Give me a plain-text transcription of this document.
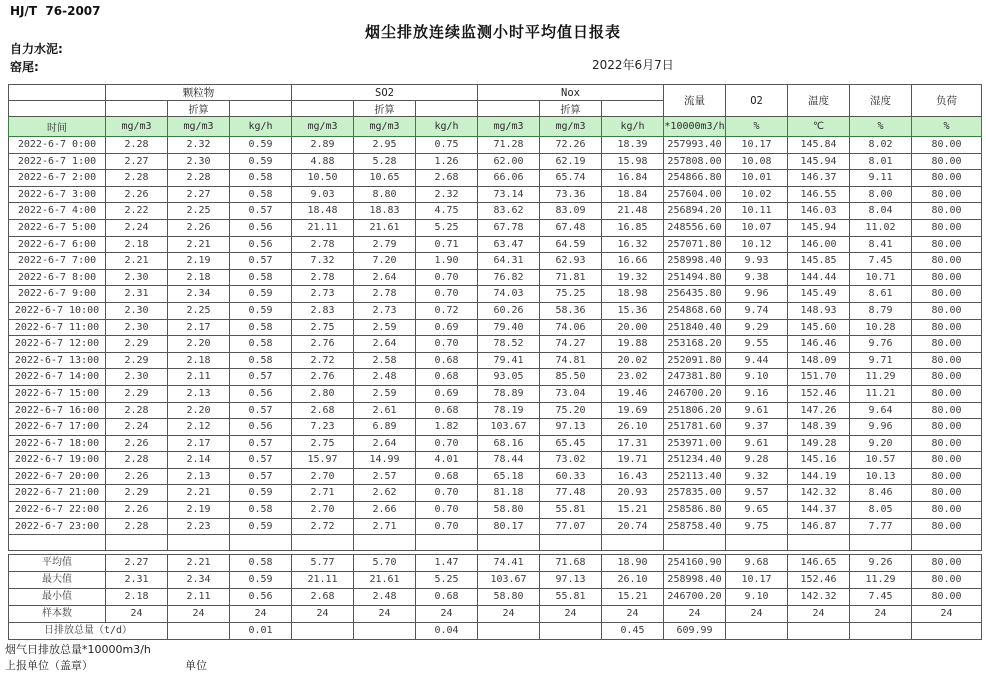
HJ/T  76-2007
烟尘排放连续监测小时平均值日报表
自力水泥:
窑尾:	2022年6月7日
	颗粒物			SO2			Nox			流量	O2	温度	湿度	负荷
		折算			折算			折算						
时间	mg/m3	mg/m3	kg/h	mg/m3	mg/m3	kg/h	mg/m3	mg/m3	kg/h	*10000m3/h	%	℃	%	%
2022-6-7 0:00	2.28	2.32	0.59	2.89	2.95	0.75	71.28	72.26	18.39	257993.40	10.17	145.84	8.02	80.00
2022-6-7 1:00	2.27	2.30	0.59	4.88	5.28	1.26	62.00	62.19	15.98	257808.00	10.08	145.94	8.01	80.00
2022-6-7 2:00	2.28	2.28	0.58	10.50	10.65	2.68	66.06	65.74	16.84	254866.80	10.01	146.37	9.11	80.00
2022-6-7 3:00	2.26	2.27	0.58	9.03	8.80	2.32	73.14	73.36	18.84	257604.00	10.02	146.55	8.00	80.00
2022-6-7 4:00	2.22	2.25	0.57	18.48	18.83	4.75	83.62	83.09	21.48	256894.20	10.11	146.03	8.04	80.00
2022-6-7 5:00	2.24	2.26	0.56	21.11	21.61	5.25	67.78	67.48	16.85	248556.60	10.07	145.94	11.02	80.00
2022-6-7 6:00	2.18	2.21	0.56	2.78	2.79	0.71	63.47	64.59	16.32	257071.80	10.12	146.00	8.41	80.00
2022-6-7 7:00	2.21	2.19	0.57	7.32	7.20	1.90	64.31	62.93	16.66	258998.40	9.93	145.85	7.45	80.00
2022-6-7 8:00	2.30	2.18	0.58	2.78	2.64	0.70	76.82	71.81	19.32	251494.80	9.38	144.44	10.71	80.00
2022-6-7 9:00	2.31	2.34	0.59	2.73	2.78	0.70	74.03	75.25	18.98	256435.80	9.96	145.49	8.61	80.00
2022-6-7 10:00	2.30	2.25	0.59	2.83	2.73	0.72	60.26	58.36	15.36	254868.60	9.74	148.93	8.79	80.00
2022-6-7 11:00	2.30	2.17	0.58	2.75	2.59	0.69	79.40	74.06	20.00	251840.40	9.29	145.60	10.28	80.00
2022-6-7 12:00	2.29	2.20	0.58	2.76	2.64	0.70	78.52	74.27	19.88	253168.20	9.55	146.46	9.76	80.00
2022-6-7 13:00	2.29	2.18	0.58	2.72	2.58	0.68	79.41	74.81	20.02	252091.80	9.44	148.09	9.71	80.00
2022-6-7 14:00	2.30	2.11	0.57	2.76	2.48	0.68	93.05	85.50	23.02	247381.80	9.10	151.70	11.29	80.00
2022-6-7 15:00	2.29	2.13	0.56	2.80	2.59	0.69	78.89	73.04	19.46	246700.20	9.16	152.46	11.21	80.00
2022-6-7 16:00	2.28	2.20	0.57	2.68	2.61	0.68	78.19	75.20	19.69	251806.20	9.61	147.26	9.64	80.00
2022-6-7 17:00	2.24	2.12	0.56	7.23	6.89	1.82	103.67	97.13	26.10	251781.60	9.37	148.39	9.96	80.00
2022-6-7 18:00	2.26	2.17	0.57	2.75	2.64	0.70	68.16	65.45	17.31	253971.00	9.61	149.28	9.20	80.00
2022-6-7 19:00	2.28	2.14	0.57	15.97	14.99	4.01	78.44	73.02	19.71	251234.40	9.28	145.16	10.57	80.00
2022-6-7 20:00	2.26	2.13	0.57	2.70	2.57	0.68	65.18	60.33	16.43	252113.40	9.32	144.19	10.13	80.00
2022-6-7 21:00	2.29	2.21	0.59	2.71	2.62	0.70	81.18	77.48	20.93	257835.00	9.57	142.32	8.46	80.00
2022-6-7 22:00	2.26	2.19	0.58	2.70	2.66	0.70	58.80	55.81	15.21	258586.80	9.65	144.37	8.05	80.00
2022-6-7 23:00	2.28	2.23	0.59	2.72	2.71	0.70	80.17	77.07	20.74	258758.40	9.75	146.87	7.77	80.00

平均值	2.27	2.21	0.58	5.77	5.70	1.47	74.41	71.68	18.90	254160.90	9.68	146.65	9.26	80.00
最大值	2.31	2.34	0.59	21.11	21.61	5.25	103.67	97.13	26.10	258998.40	10.17	152.46	11.29	80.00
最小值	2.18	2.11	0.56	2.68	2.48	0.68	58.80	55.81	15.21	246700.20	9.10	142.32	7.45	80.00
样本数	24	24	24	24	24	24	24	24	24	24	24	24	24	24
日排放总量（t/d）			0.01			0.04			0.45	609.99				
烟气日排放总量*10000m3/h
上报单位（盖章）	单位
